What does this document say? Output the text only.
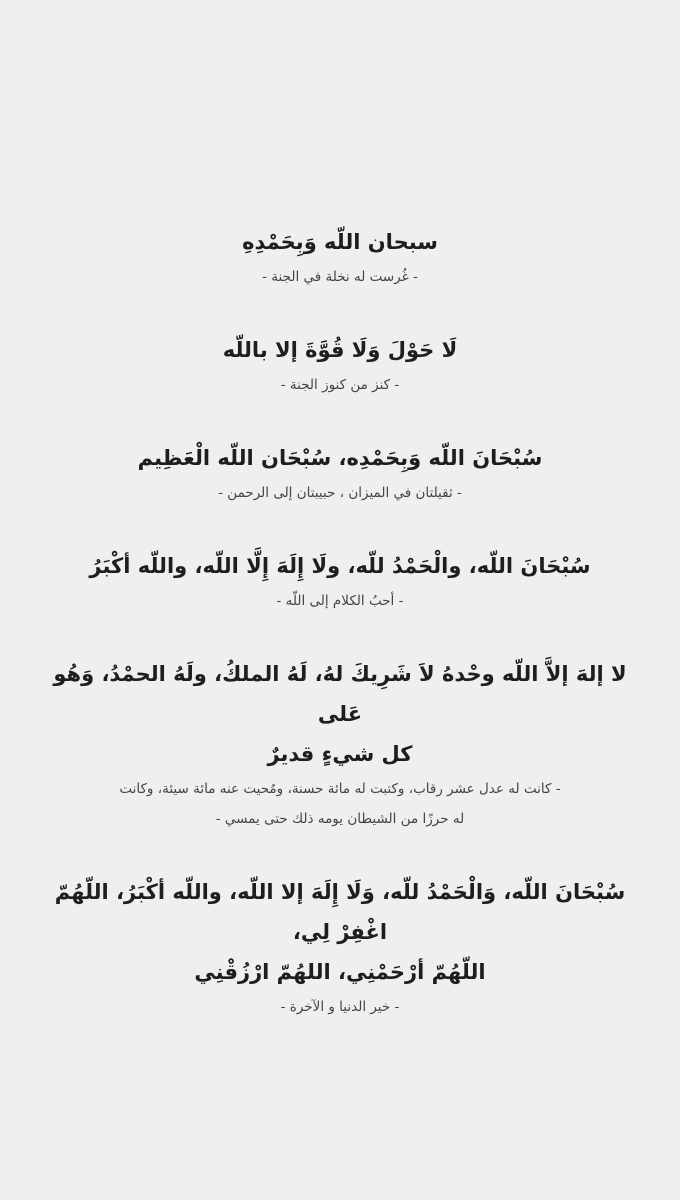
سبحان اللّه وَبِحَمْدِهِ

- غُرست له نخلة في الجنة -

لَا حَوْلَ وَلَا قُوَّةَ إلا باللّه

- كنز من كنوز الجنة -

سُبْحَانَ اللّه وَبِحَمْدِه، سُبْحَان اللّه الْعَظِيم

- ثقيلتان في الميزان ، حبيبتان إلى الرحمن -

سُبْحَانَ اللّه، والْحَمْدُ للّه، ولَا إِلَهَ إِلَّا اللّه، واللّه أكْبَرُ

- أحبُ الكلام إلى اللّه -

لا إلهَ إلاَّ اللّه وحْدهُ لاَ شَرِيكَ لهُ، لَهُ الملكُ، ولَهُ الحمْدُ، وَهُو عَلى

كل شيءٍ قديرٌ

- كانت له عدل عشر رقاب، وكتبت له مائة حسنة، ومُحيت عنه مائة سيئة، وكانت

له حرزًا من الشيطان يومه ذلك حتى يمسي -

سُبْحَانَ اللّه، وَالْحَمْدُ للّه، وَلَا إِلَهَ إلا اللّه، واللّه أكْبَرُ، اللّهُمّ اغْفِرْ لِي،

اللّهُمّ أرْحَمْنِي، اللهُمّ ارْزُقْنِي

- خير الدنيا و الآخرة -
